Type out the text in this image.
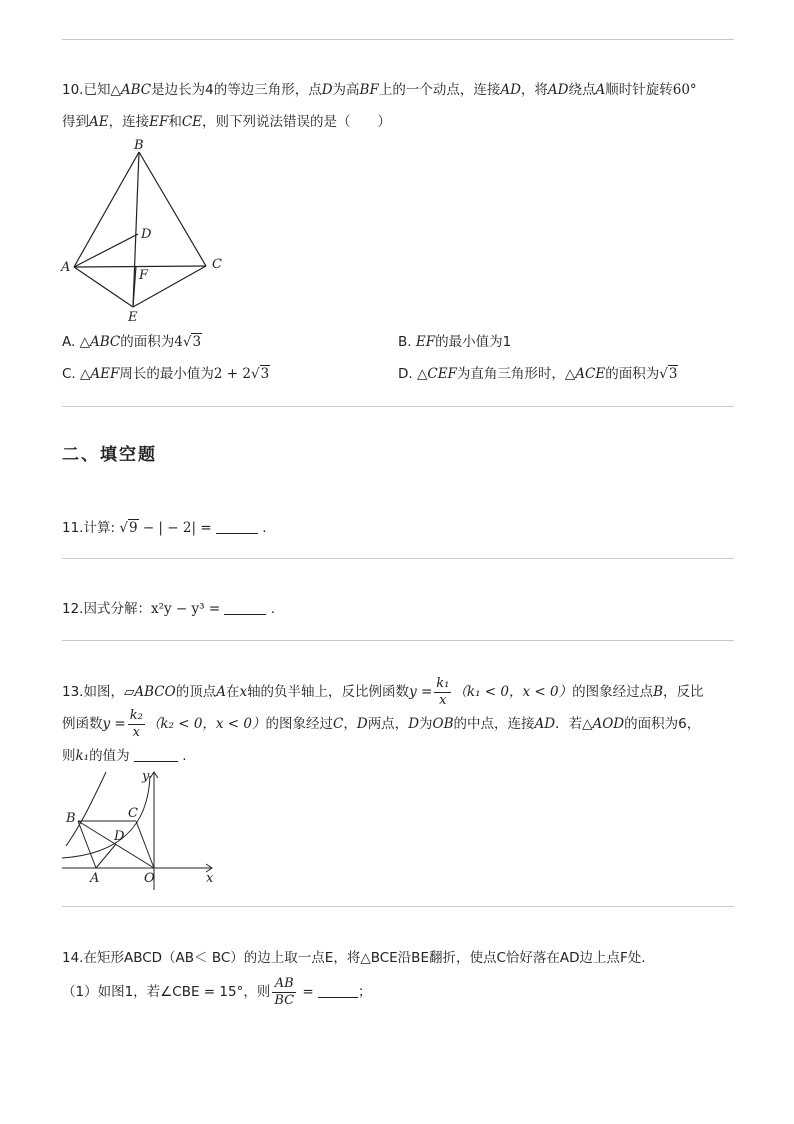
10.已知△ABC是边长为4的等边三角形，点D为高BF上的一个动点，连接AD，将AD绕点A顺时针旋转60°
得到AE，连接EF和CE，则下列说法错误的是（　　）
B
D
A
F
C
E
A. △ABC的面积为4√3	B. EF的最小值为1
C. △AEF周长的最小值为2 + 2√3	D. △CEF为直角三角形时，△ACE的面积为√3
二、填空题
11.计算: √9 − | − 2| =	.
12.因式分解：x²y − y³ =	.
13.如图，▱ABCO的顶点A在x轴的负半轴上，反比例函数$y = \frac{\text{k₁}}{x} (k_1 < 0$，x < 0）的图象经过点B，反比
例函数$y = \frac{\text{k₂}}{x} (k_2 < 0$，x < 0）的图象经过C，D两点，D为OB的中点，连接AD．若△AOD的面积为6，
则k₁的值为	.
y
B	C
D
A	O	x
14.在矩形ABCD（AB＜ BC）的边上取一点E，将△BCE沿BE翻折，使点C恰好落在AD边上点F处.
（1）如图1，若∠CBE = 15°，则 $\frac{AB}{BC}$ =	；
